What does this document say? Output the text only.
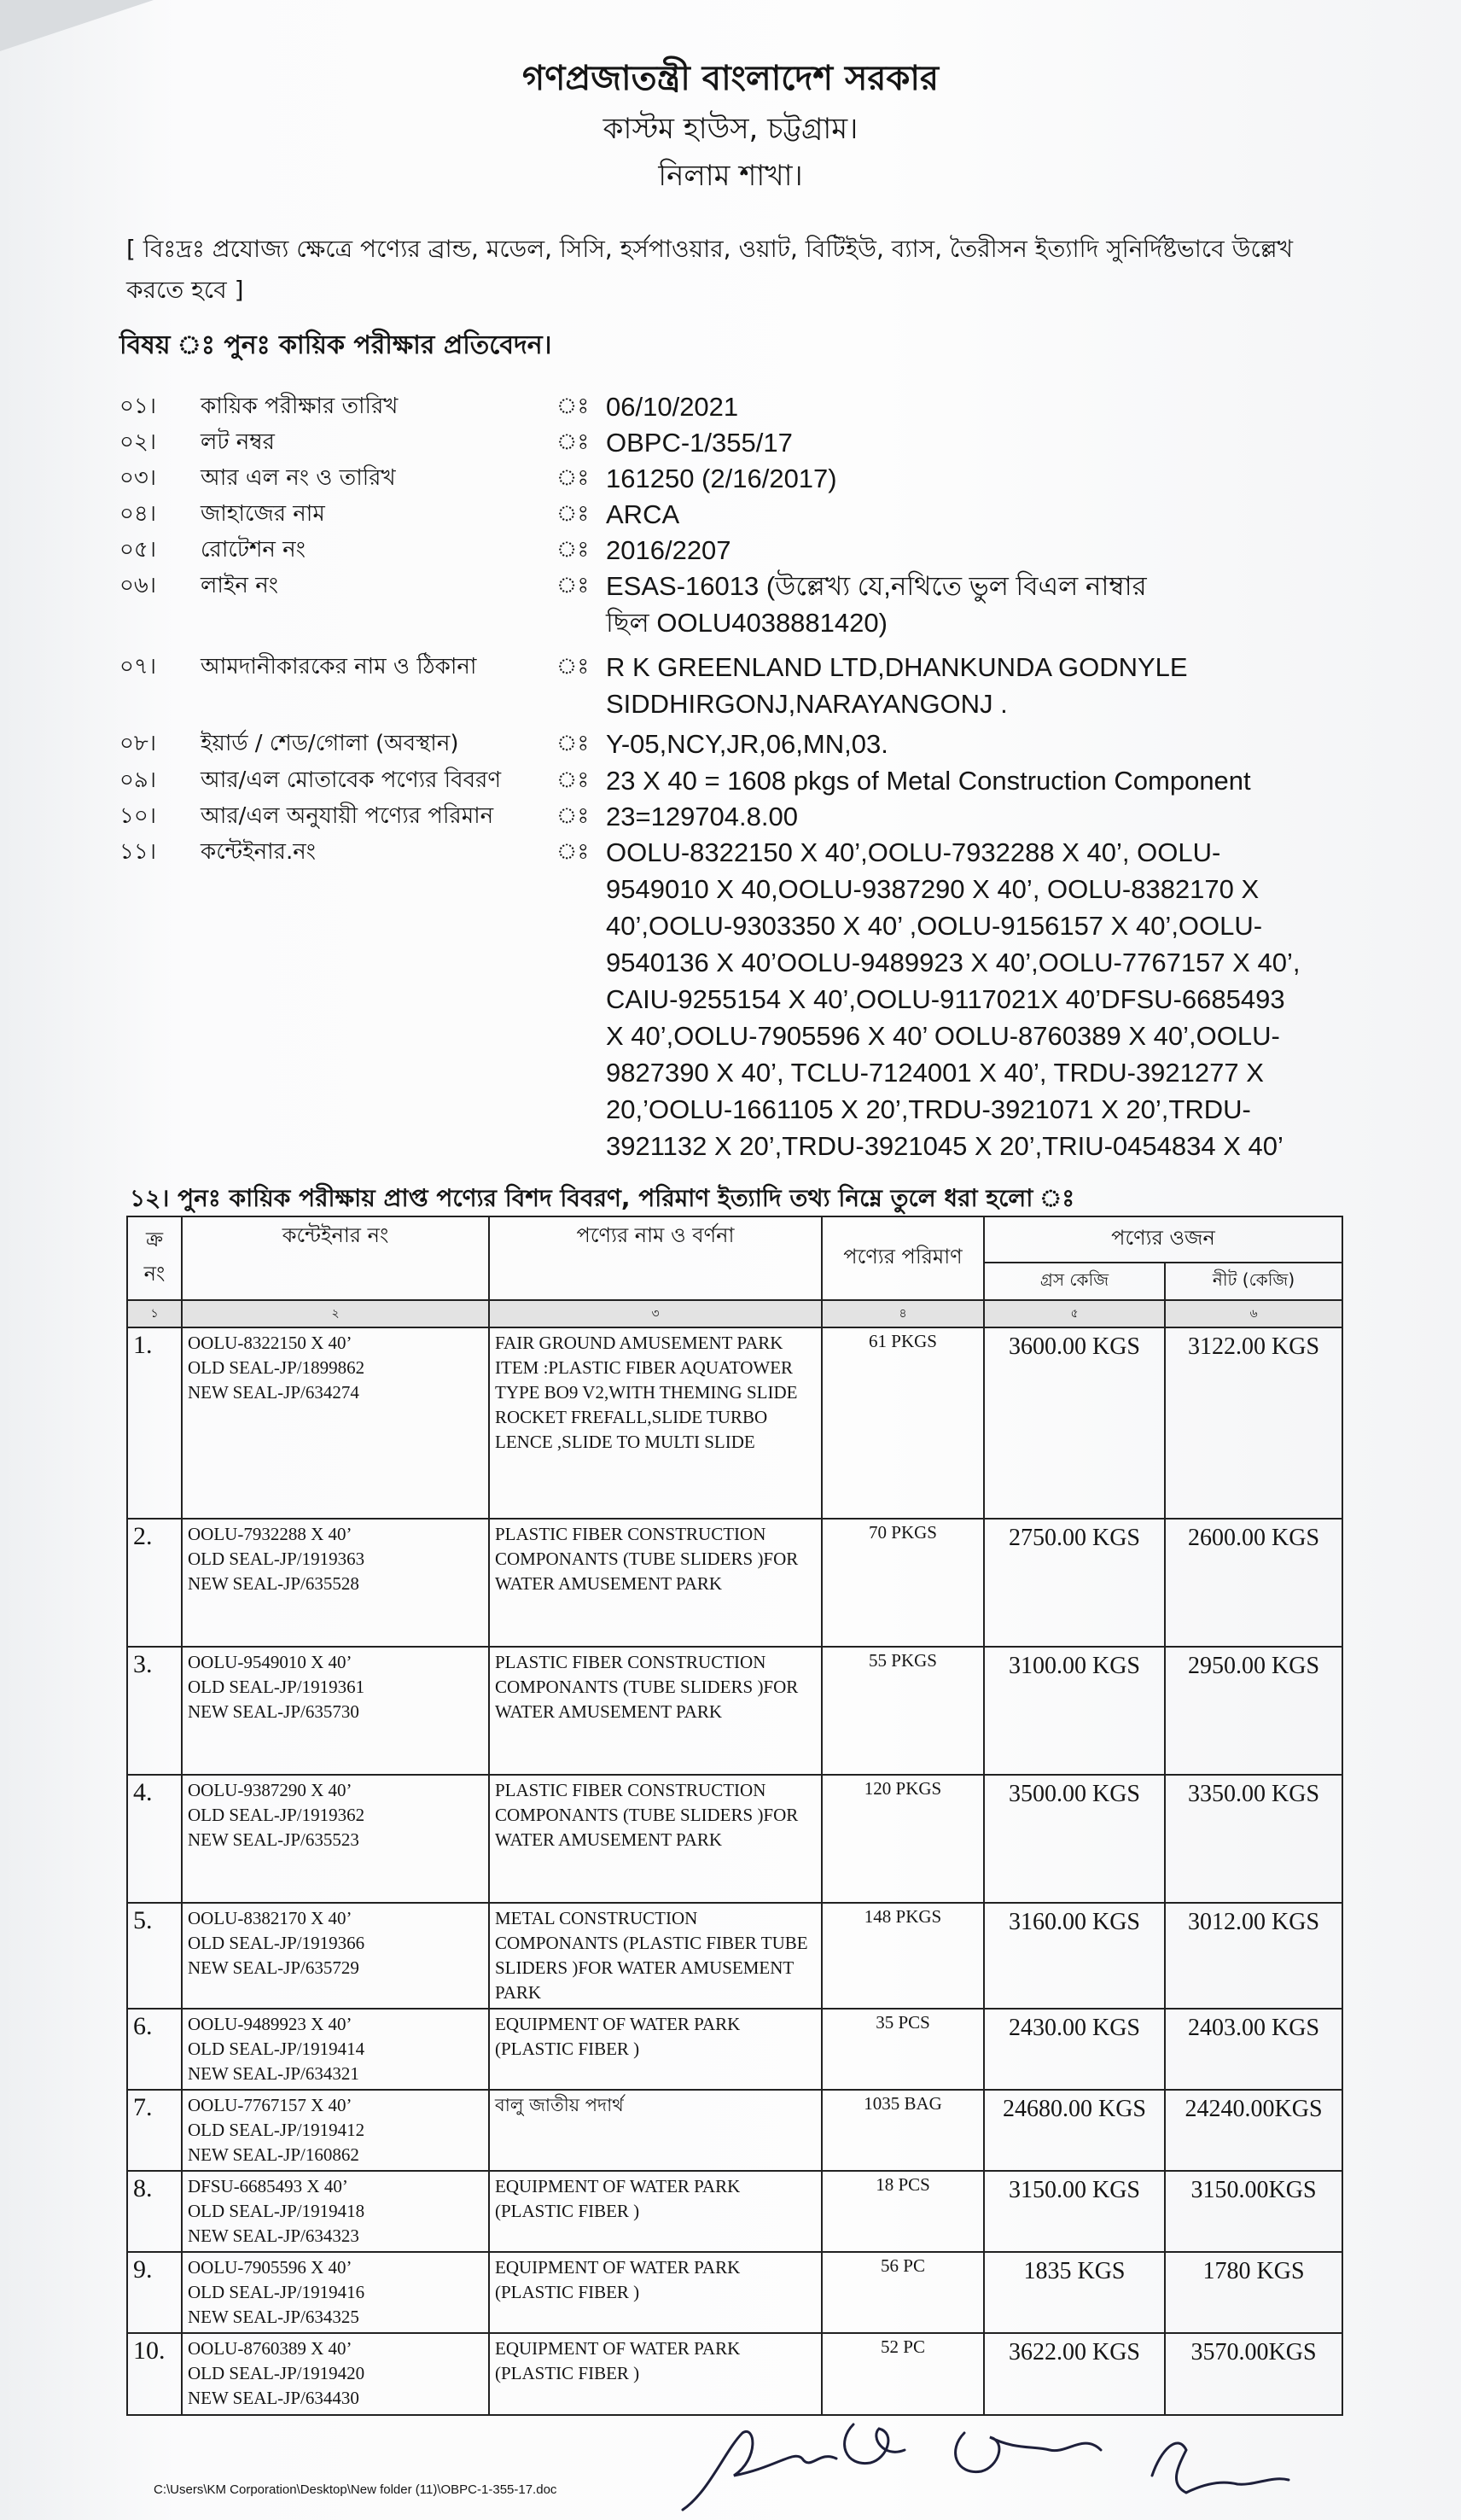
গণপ্রজাতন্ত্রী বাংলাদেশ সরকার
কাস্টম হাউস, চট্টগ্রাম।
নিলাম শাখা।
[ বিঃদ্রঃ প্রযোজ্য ক্ষেত্রে পণ্যের ব্রান্ড, মডেল, সিসি, হর্সপাওয়ার, ওয়াট, বিটিইউ, ব্যাস, তৈরীসন ইত্যাদি সুনির্দিষ্টভাবে উল্লেখ করতে হবে ]
বিষয় ঃ পুনঃ কায়িক পরীক্ষার প্রতিবেদন।
০১।	কায়িক পরীক্ষার তারিখ	ঃ 06/10/2021
০২।	লট নম্বর	ঃ OBPC-1/355/17
০৩।	আর এল নং ও তারিখ	ঃ 161250 (2/16/2017)
০৪।	জাহাজের নাম	ঃ ARCA
০৫।	রোটেশন নং	ঃ 2016/2207
০৬।	লাইন নং	ঃ ESAS-16013 (উল্লেখ্য যে,নথিতে ভুল বিএল নাম্বার ছিল OOLU4038881420)
০৭।	আমদানীকারকের নাম ও ঠিকানা	ঃ R K GREENLAND LTD,DHANKUNDA GODNYLE SIDDHIRGONJ,NARAYANGONJ .
০৮।	ইয়ার্ড / শেড/গোলা (অবস্থান)	ঃ Y-05,NCY,JR,06,MN,03.
০৯।	আর/এল মোতাবেক পণ্যের বিবরণ	ঃ 23 X 40 = 1608 pkgs of Metal Construction Component
১০।	আর/এল অনুযায়ী পণ্যের পরিমান	ঃ 23=129704.8.00
১১।	কন্টেইনার.নং	ঃ OOLU-8322150 X 40’,OOLU-7932288 X 40’, OOLU-9549010 X 40,OOLU-9387290 X 40’, OOLU-8382170 X 40’,OOLU-9303350 X 40’ ,OOLU-9156157 X 40’,OOLU-9540136 X 40’OOLU-9489923 X 40’,OOLU-7767157 X 40’, CAIU-9255154 X 40’,OOLU-9117021X 40’DFSU-6685493 X 40’,OOLU-7905596 X 40’ OOLU-8760389 X 40’,OOLU-9827390 X 40’, TCLU-7124001 X 40’, TRDU-3921277 X 20,’OOLU-1661105 X 20’,TRDU-3921071 X 20’,TRDU-3921132 X 20’,TRDU-3921045 X 20’,TRIU-0454834 X 40’
১২। পুনঃ কায়িক পরীক্ষায় প্রাপ্ত পণ্যের বিশদ বিবরণ, পরিমাণ ইত্যাদি তথ্য নিম্নে তুলে ধরা হলো ঃ
ক্র নং	কন্টেইনার নং	পণ্যের নাম ও বর্ণনা	পণ্যের পরিমাণ	পণ্যের ওজন	
				গ্রস কেজি	নীট (কেজি)
১	২	৩	৪	৫	৬
1.	OOLU-8322150 X 40’
OLD SEAL-JP/1899862
NEW SEAL-JP/634274	FAIR GROUND AMUSEMENT PARK ITEM :PLASTIC FIBER AQUATOWER TYPE BO9 V2,WITH THEMING SLIDE ROCKET FREFALL,SLIDE TURBO LENCE ,SLIDE TO MULTI SLIDE	61 PKGS	3600.00 KGS	3122.00 KGS
2.	OOLU-7932288 X 40’
OLD SEAL-JP/1919363
NEW SEAL-JP/635528	PLASTIC FIBER CONSTRUCTION COMPONANTS (TUBE SLIDERS )FOR WATER AMUSEMENT PARK	70 PKGS	2750.00 KGS	2600.00 KGS
3.	OOLU-9549010 X 40’
OLD SEAL-JP/1919361
NEW SEAL-JP/635730	PLASTIC FIBER CONSTRUCTION COMPONANTS (TUBE SLIDERS )FOR WATER AMUSEMENT PARK	55 PKGS	3100.00 KGS	2950.00 KGS
4.	OOLU-9387290 X 40’
OLD SEAL-JP/1919362
NEW SEAL-JP/635523	PLASTIC FIBER CONSTRUCTION COMPONANTS (TUBE SLIDERS )FOR WATER AMUSEMENT PARK	120 PKGS	3500.00 KGS	3350.00 KGS
5.	OOLU-8382170 X 40’
OLD SEAL-JP/1919366
NEW SEAL-JP/635729	METAL CONSTRUCTION COMPONANTS (PLASTIC FIBER TUBE SLIDERS )FOR WATER AMUSEMENT PARK	148 PKGS	3160.00 KGS	3012.00 KGS
6.	OOLU-9489923 X 40’
OLD SEAL-JP/1919414
NEW SEAL-JP/634321	EQUIPMENT OF WATER PARK (PLASTIC FIBER )	35 PCS	2430.00 KGS	2403.00 KGS
7.	OOLU-7767157 X 40’
OLD SEAL-JP/1919412
NEW SEAL-JP/160862	বালু জাতীয় পদার্থ	1035 BAG	24680.00 KGS	24240.00KGS
8.	DFSU-6685493 X 40’
OLD SEAL-JP/1919418
NEW SEAL-JP/634323	EQUIPMENT OF WATER PARK (PLASTIC FIBER )	18 PCS	3150.00 KGS	3150.00KGS
9.	OOLU-7905596 X 40’
OLD SEAL-JP/1919416
NEW SEAL-JP/634325	EQUIPMENT OF WATER PARK (PLASTIC FIBER )	56 PC	1835 KGS	1780 KGS
10.	OOLU-8760389 X 40’
OLD SEAL-JP/1919420
NEW SEAL-JP/634430	EQUIPMENT OF WATER PARK (PLASTIC FIBER )	52 PC	3622.00 KGS	3570.00KGS
C:\Users\KM Corporation\Desktop\New folder (11)\OBPC-1-355-17.doc
